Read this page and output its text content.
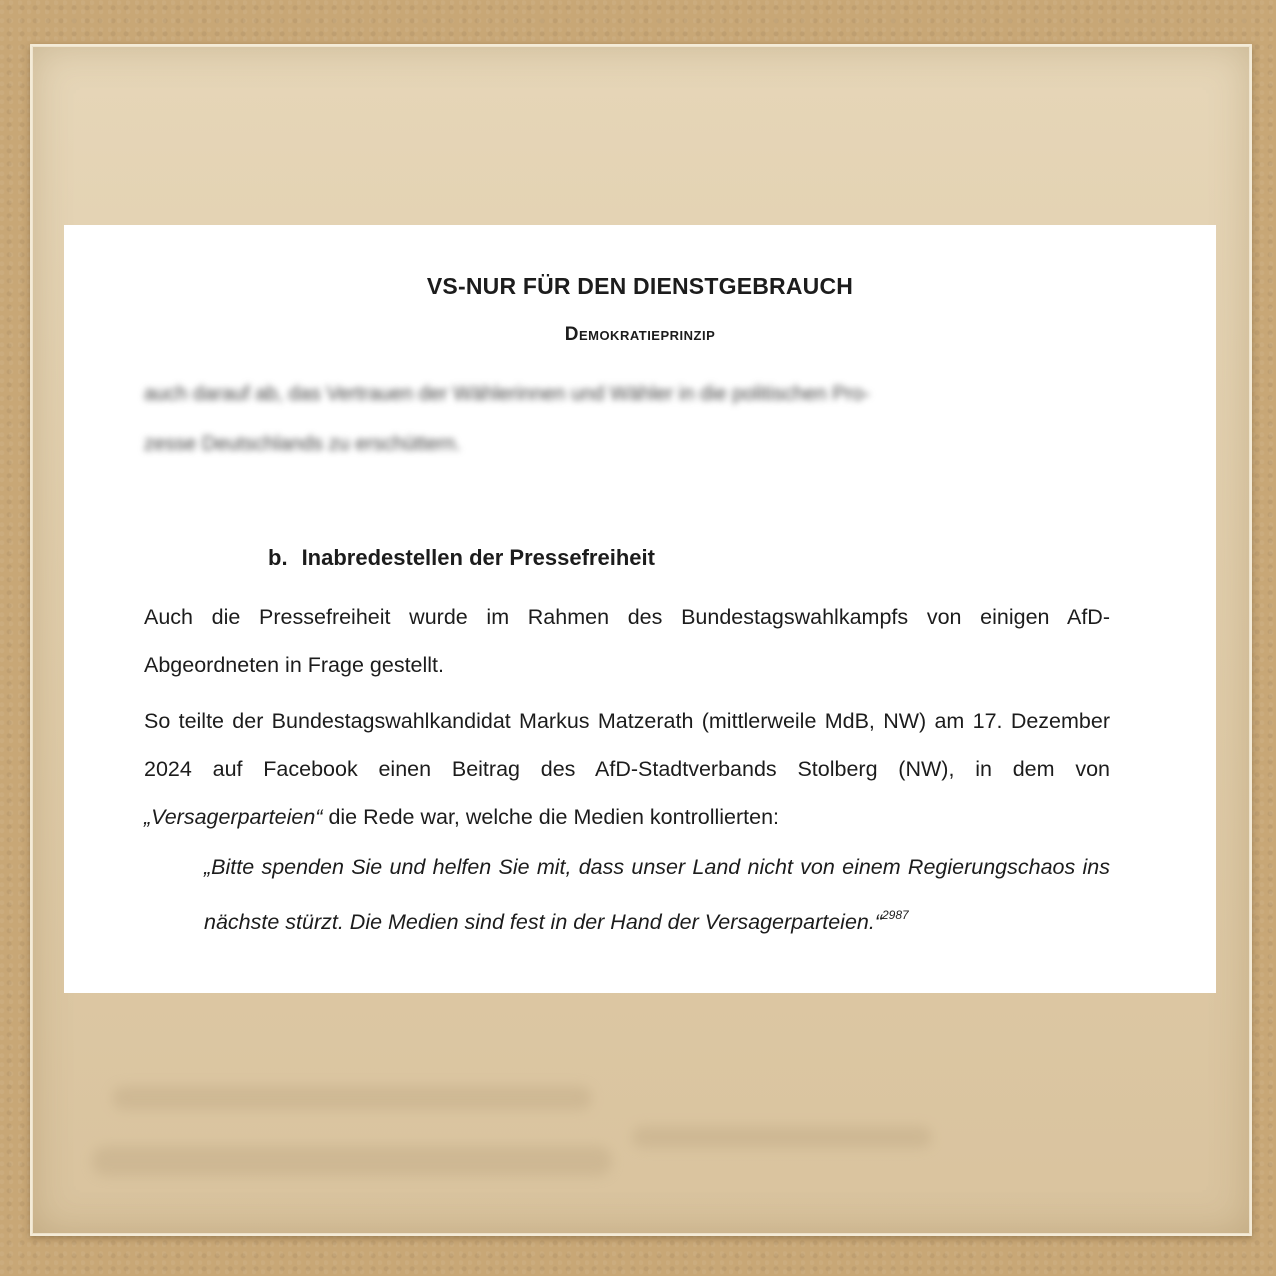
VS-NUR FÜR DEN DIENSTGEBRAUCH
Demokratieprinzip
auch darauf ab, das Vertrauen der Wählerinnen und Wähler in die politischen Pro-
zesse Deutschlands zu erschüttern.
b. Inabredestellen der Pressefreiheit
Auch die Pressefreiheit wurde im Rahmen des Bundestagswahlkampfs von einigen AfD-Abgeordneten in Frage gestellt.
So teilte der Bundestagswahlkandidat Markus Matzerath (mittlerweile MdB, NW) am 17. Dezember 2024 auf Facebook einen Beitrag des AfD-Stadtverbands Stolberg (NW), in dem von „Versagerparteien“ die Rede war, welche die Medien kontrollierten:
„Bitte spenden Sie und helfen Sie mit, dass unser Land nicht von einem Regierungschaos ins nächste stürzt. Die Medien sind fest in der Hand der Versagerparteien.“$^{2987}$
